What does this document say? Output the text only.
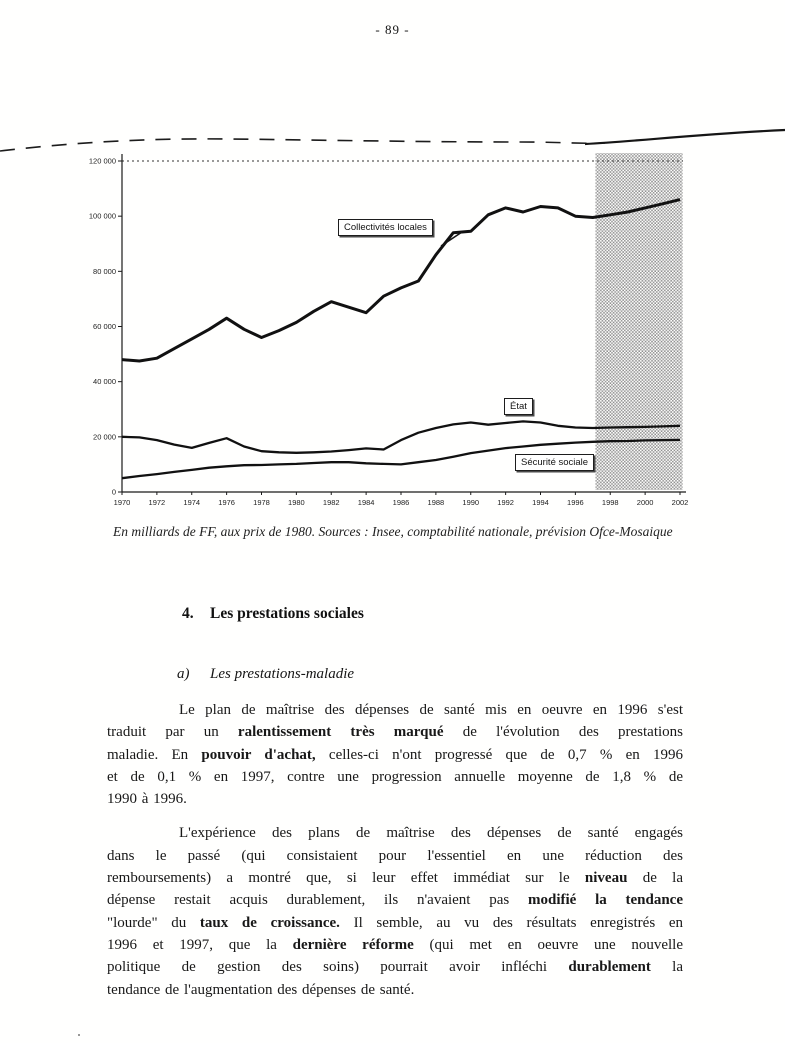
- 89 -
0
20 000
40 000
60 000
80 000
100 000
120 000
1970 1972 1974 1976 1978 1980 1982 1984 1986 1988 1990 1992 1994 1996 1998 2000 2002
Collectivités locales
État
Sécurité sociale
En milliards de FF, aux prix de 1980. Sources : Insee, comptabilité nationale, prévision Ofce-Mosaique
4. Les prestations sociales
a) Les prestations-maladie
Le plan de maîtrise des dépenses de santé mis en oeuvre en 1996 s'est
traduit par un ralentissement très marqué de l'évolution des prestations
maladie. En pouvoir d'achat, celles-ci n'ont progressé que de 0,7 % en 1996
et de 0,1 % en 1997, contre une progression annuelle moyenne de 1,8 % de
1990 à 1996.
L'expérience des plans de maîtrise des dépenses de santé engagés
dans le passé (qui consistaient pour l'essentiel en une réduction des
remboursements) a montré que, si leur effet immédiat sur le niveau de la
dépense restait acquis durablement, ils n'avaient pas modifié la tendance
"lourde" du taux de croissance. Il semble, au vu des résultats enregistrés en
1996 et 1997, que la dernière réforme (qui met en oeuvre une nouvelle
politique de gestion des soins) pourrait avoir infléchi durablement la
tendance de l'augmentation des dépenses de santé.
